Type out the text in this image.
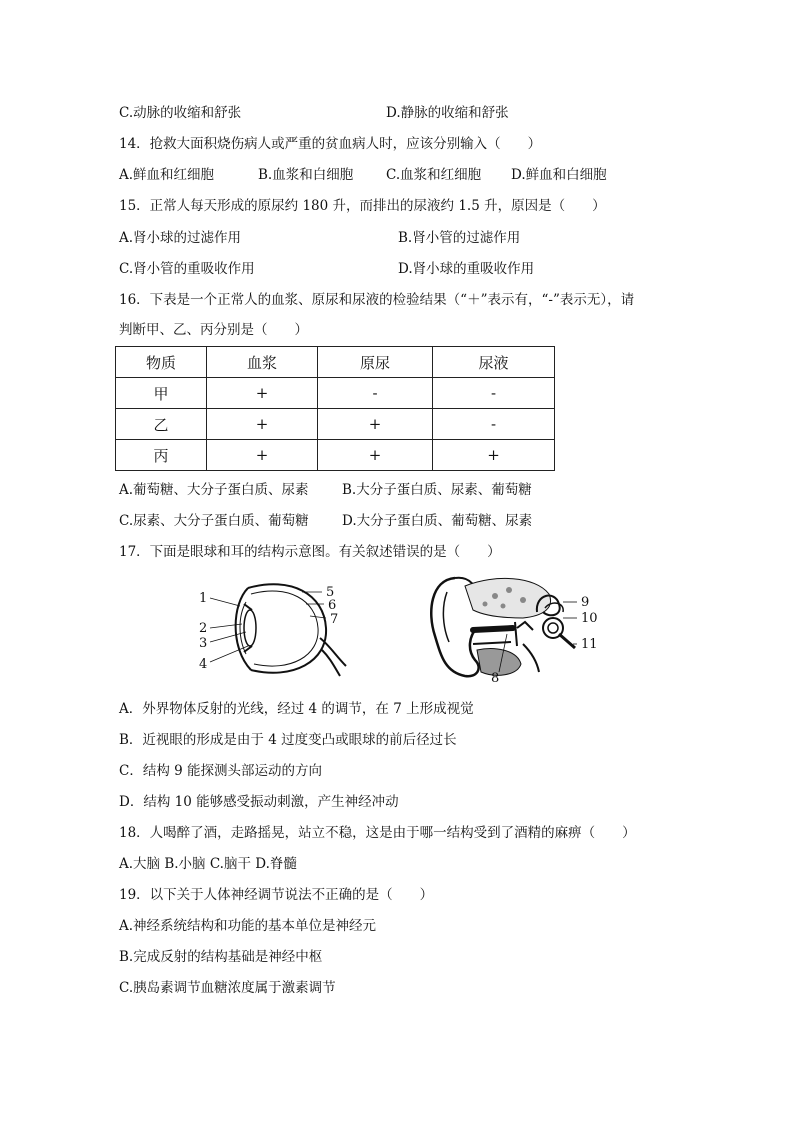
C.动脉的收缩和舒张	D.静脉的收缩和舒张
14．抢救大面积烧伤病人或严重的贫血病人时，应该分别输入（　　）
A.鲜血和红细胞	B.血浆和白细胞 C.血浆和红细胞 D.鲜血和白细胞
15．正常人每天形成的原尿约 180 升，而排出的尿液约 1.5 升，原因是（　　）
A.肾小球的过滤作用	B.肾小管的过滤作用
C.肾小管的重吸收作用	D.肾小球的重吸收作用
16．下表是一个正常人的血浆、原尿和尿液的检验结果（“＋”表示有，“-”表示无），请
判断甲、乙、丙分别是（　　）
物质	血浆	原尿	尿液
甲	+	-	-
乙	+	+	-
丙	+	+	+
A.葡萄糖、大分子蛋白质、尿素 B.大分子蛋白质、尿素、葡萄糖
C.尿素、大分子蛋白质、葡萄糖 D.大分子蛋白质、葡萄糖、尿素
17．下面是眼球和耳的结构示意图。有关叙述错误的是（　　）
1
2
3
4
5
6
7
9
10
11
8
A．外界物体反射的光线，经过 4 的调节，在 7 上形成视觉
B．近视眼的形成是由于 4 过度变凸或眼球的前后径过长
C．结构 9 能探测头部运动的方向
D．结构 10 能够感受振动刺激，产生神经冲动
18．人喝醉了酒，走路摇晃，站立不稳，这是由于哪一结构受到了酒精的麻痹（　　）
A.大脑 B.小脑 C.脑干 D.脊髓
19．以下关于人体神经调节说法不正确的是（　　）
A.神经系统结构和功能的基本单位是神经元
B.完成反射的结构基础是神经中枢
C.胰岛素调节血糖浓度属于激素调节
